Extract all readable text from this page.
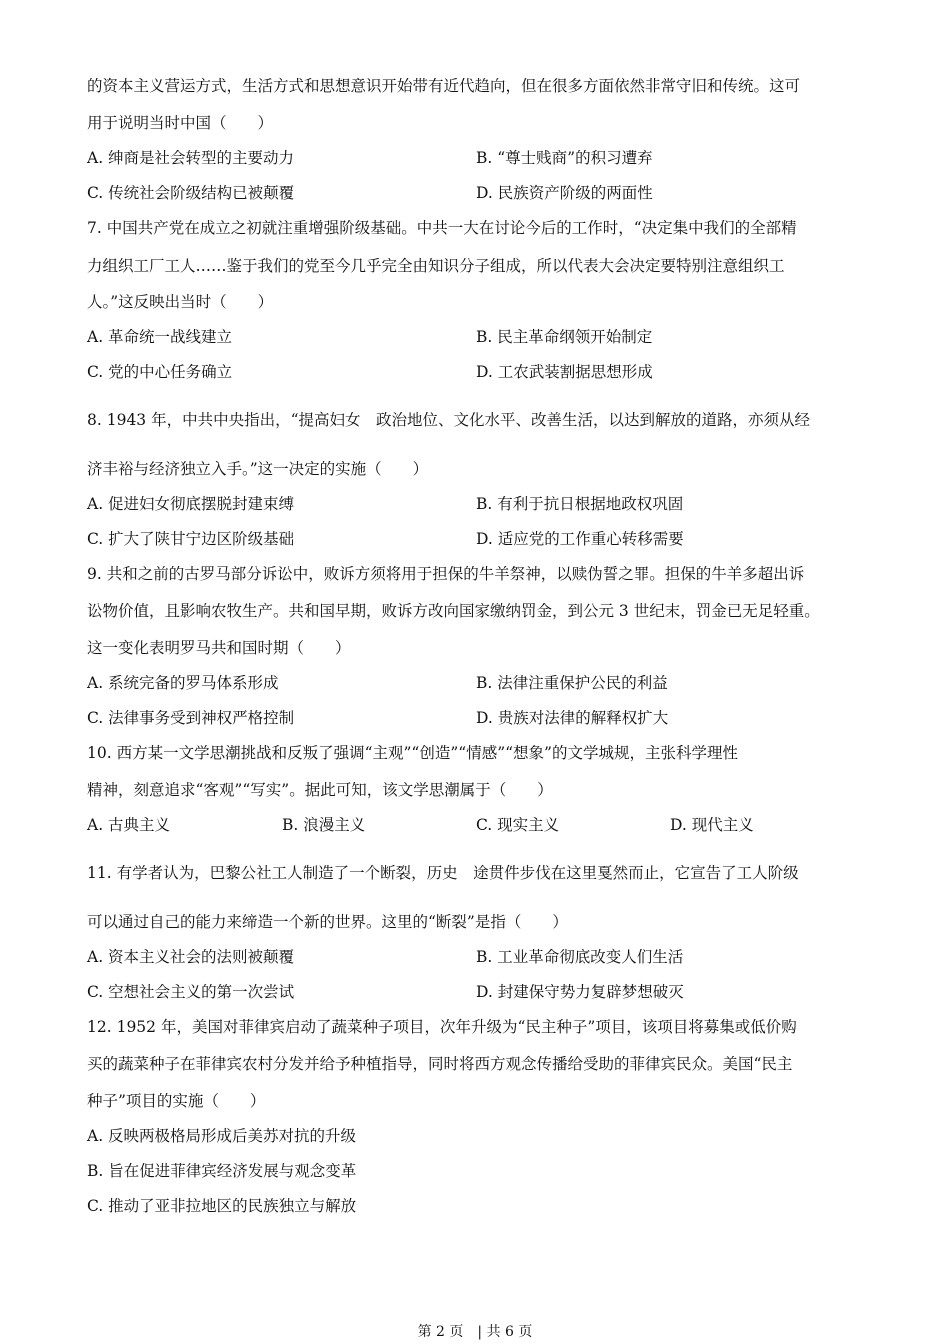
的资本主义营运方式，生活方式和思想意识开始带有近代趋向，但在很多方面依然非常守旧和传统。这可
用于说明当时中国（　　）
A. 绅商是社会转型的主要动力	B. “尊士贱商”的积习遭弃
C. 传统社会阶级结构已被颠覆	D. 民族资产阶级的两面性
7. 中国共产党在成立之初就注重增强阶级基础。中共一大在讨论今后的工作时，“决定集中我们的全部精
力组织工厂工人……鉴于我们的党至今几乎完全由知识分子组成，所以代表大会决定要特别注意组织工
人。”这反映出当时（　　）
A. 革命统一战线建立	B. 民主革命纲领开始制定
C. 党的中心任务确立	D. 工农武装割据思想形成
8. 1943 年，中共中央指出，“提高妇女　政治地位、文化水平、改善生活，以达到解放的道路，亦须从经
济丰裕与经济独立入手。”这一决定的实施（　　）
A. 促进妇女彻底摆脱封建束缚	B. 有利于抗日根据地政权巩固
C. 扩大了陕甘宁边区阶级基础	D. 适应党的工作重心转移需要
9. 共和之前的古罗马部分诉讼中，败诉方须将用于担保的牛羊祭神，以赎伪誓之罪。担保的牛羊多超出诉
讼物价值，且影响农牧生产。共和国早期，败诉方改向国家缴纳罚金，到公元 3 世纪末，罚金已无足轻重。
这一变化表明罗马共和国时期（　　）
A. 系统完备的罗马体系形成	B. 法律注重保护公民的利益
C. 法律事务受到神权严格控制	D. 贵族对法律的解释权扩大
10. 西方某一文学思潮挑战和反叛了强调“主观”“创造”“情感”“想象”的文学城规，主张科学理性
精神，刻意追求“客观”“写实”。据此可知，该文学思潮属于（　　）
A. 古典主义	B. 浪漫主义	C. 现实主义	D. 现代主义
11. 有学者认为，巴黎公社工人制造了一个断裂，历史　途贯件步伐在这里戛然而止，它宣告了工人阶级
可以通过自己的能力来缔造一个新的世界。这里的“断裂”是指（　　）
A. 资本主义社会的法则被颠覆	B. 工业革命彻底改变人们生活
C. 空想社会主义的第一次尝试	D. 封建保守势力复辟梦想破灭
12. 1952 年，美国对菲律宾启动了蔬菜种子项目，次年升级为“民主种子”项目，该项目将募集或低价购
买的蔬菜种子在菲律宾农村分发并给予种植指导，同时将西方观念传播给受助的菲律宾民众。美国“民主
种子”项目的实施（　　）
A. 反映两极格局形成后美苏对抗的升级
B. 旨在促进菲律宾经济发展与观念变革
C. 推动了亚非拉地区的民族独立与解放
第 2 页　| 共 6 页
